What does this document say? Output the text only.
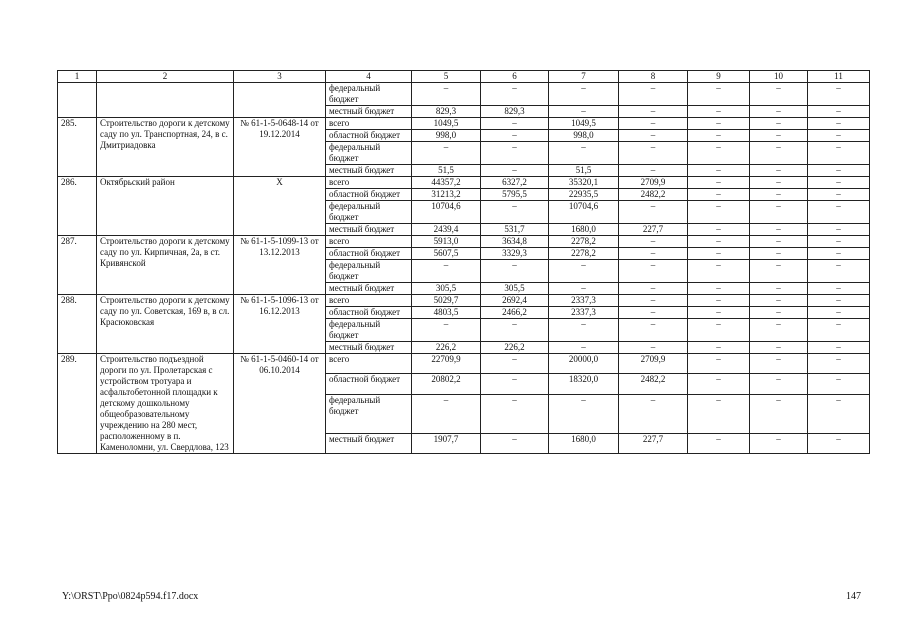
1	2	3	4	5	6	7	8	9	10	11
			федеральный бюджет	–	–	–	–	–	–	–
			местный бюджет	829,3	829,3	–	–	–	–	–
285.	Строительство дороги к детскому саду по ул. Транспортная, 24, в с. Дмитриадовка	№ 61-1-5-0648-14 от 19.12.2014	всего	1049,5	–	1049,5	–	–	–	–
			областной бюджет	998,0	–	998,0	–	–	–	–
			федеральный бюджет	–	–	–	–	–	–	–
			местный бюджет	51,5	–	51,5	–	–	–	–
286.	Октябрьский район	X	всего	44357,2	6327,2	35320,1	2709,9	–	–	–
			областной бюджет	31213,2	5795,5	22935,5	2482,2	–	–	–
			федеральный бюджет	10704,6	–	10704,6	–	–	–	–
			местный бюджет	2439,4	531,7	1680,0	227,7	–	–	–
287.	Строительство дороги к детскому саду по ул. Кирпичная, 2а, в ст. Кривянской	№ 61-1-5-1099-13 от 13.12.2013	всего	5913,0	3634,8	2278,2	–	–	–	–
			областной бюджет	5607,5	3329,3	2278,2	–	–	–	–
			федеральный бюджет	–	–	–	–	–	–	–
			местный бюджет	305,5	305,5	–	–	–	–	–
288.	Строительство дороги к детскому саду по ул. Советская, 169 в, в сл. Красюковская	№ 61-1-5-1096-13 от 16.12.2013	всего	5029,7	2692,4	2337,3	–	–	–	–
			областной бюджет	4803,5	2466,2	2337,3	–	–	–	–
			федеральный бюджет	–	–	–	–	–	–	–
			местный бюджет	226,2	226,2	–	–	–	–	–
289.	Строительство подъездной дороги по ул. Пролетарская с устройством тротуара и асфальтобетонной площадки к детскому дошкольному общеобразовательному учреждению на 280 мест, расположенному в п. Каменоломни, ул. Свердлова, 123	№ 61-1-5-0460-14 от 06.10.2014	всего	22709,9	–	20000,0	2709,9	–	–	–
			областной бюджет	20802,2	–	18320,0	2482,2	–	–	–
			федеральный бюджет	–	–	–	–	–	–	–
			местный бюджет	1907,7	–	1680,0	227,7	–	–	–
Y:\ORST\Ppo\0824p594.f17.docx	147
